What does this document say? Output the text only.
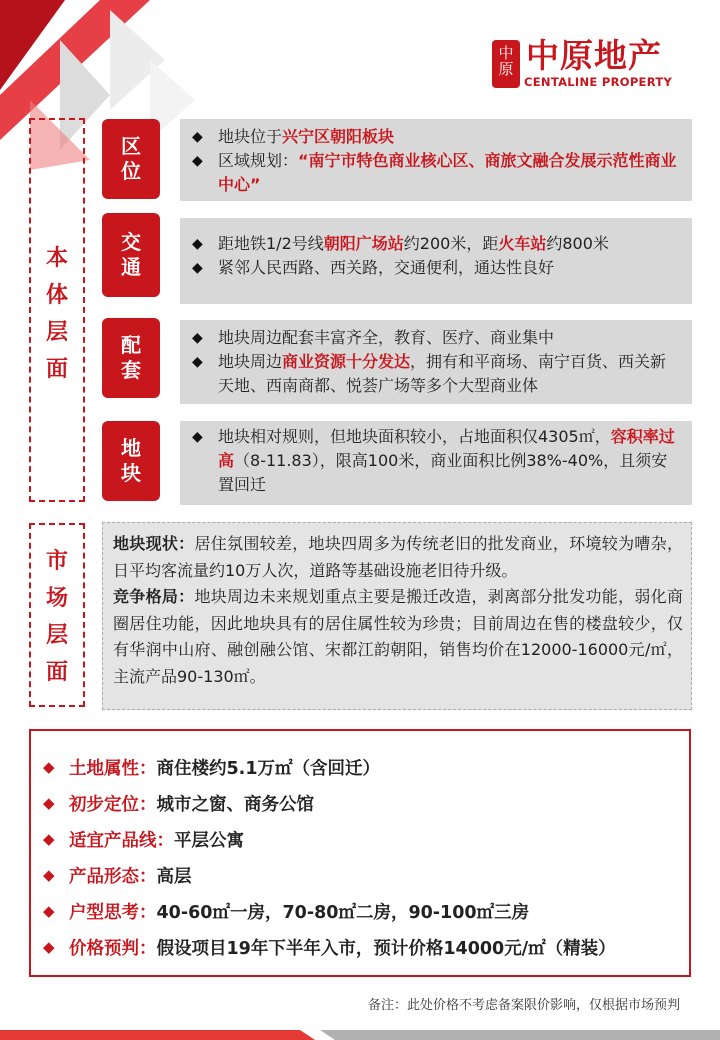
中原 中原地产
CENTALINE PROPERTY
本
体
层
面
区
位
◆ 地块位于兴宁区朝阳板块
◆ 区域规划：“南宁市特色商业核心区、商旅文融合发展示范性商业中心”
交
通
◆ 距地铁1/2号线朝阳广场站约200米，距火车站约800米
◆ 紧邻人民西路、西关路，交通便利，通达性良好
配
套
◆ 地块周边配套丰富齐全，教育、医疗、商业集中
◆ 地块周边商业资源十分发达，拥有和平商场、南宁百货、西关新天地、西南商都、悦荟广场等多个大型商业体
地
块
◆ 地块相对规则，但地块面积较小，占地面积仅4305㎡，容积率过高（8-11.83），限高100米，商业面积比例38%-40%，且须安置回迁
市
场
层
面
地块现状：居住氛围较差，地块四周多为传统老旧的批发商业，环境较为嘈杂，日平均客流量约10万人次，道路等基础设施老旧待升级。
竞争格局：地块周边未来规划重点主要是搬迁改造，剥离部分批发功能，弱化商圈居住功能，因此地块具有的居住属性较为珍贵；目前周边在售的楼盘较少，仅有华润中山府、融创融公馆、宋都江韵朝阳，销售均价在12000-16000元/㎡，主流产品90-130㎡。
◆ 土地属性： 商住楼约5.1万㎡（含回迁）
◆ 初步定位： 城市之窗、商务公馆
◆ 适宜产品线： 平层公寓
◆ 产品形态： 高层
◆ 户型思考： 40-60㎡一房，70-80㎡二房，90-100㎡三房
◆ 价格预判： 假设项目19年下半年入市，预计价格14000元/㎡（精装）
备注：此处价格不考虑备案限价影响，仅根据市场预判
